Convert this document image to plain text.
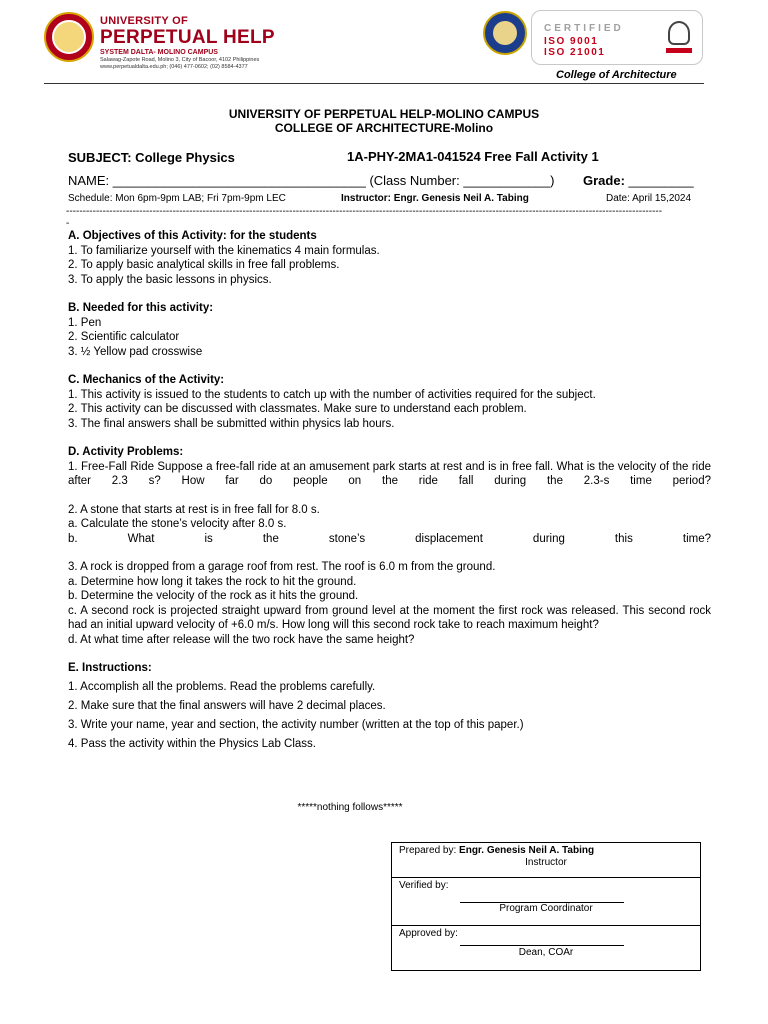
UNIVERSITY OF
PERPETUAL HELP
SYSTEM DALTA- MOLINO CAMPUS
Salawag-Zapote Road, Molino 3, City of Bacoor, 4102 Philippines
www.perpetualdalta.edu.ph; (046) 477-0602; (02) 8584-4377
CERTIFIED
ISO 9001
ISO 21001
College of Architecture
UNIVERSITY OF PERPETUAL HELP-MOLINO CAMPUS
COLLEGE OF ARCHITECTURE-Molino
SUBJECT: College Physics	1A-PHY-2MA1-041524 Free Fall Activity 1
NAME: ___________________________________ (Class Number: ____________) Grade: _________
Schedule: Mon 6pm-9pm LAB; Fri 7pm-9pm LEC	Instructor: Engr. Genesis Neil A. Tabing	Date: April 15,2024
-----------------------------------------------------------------------------------------------------------------------------------------------------------------------------------
-

A. Objectives of this Activity: for the students

1. To familiarize yourself with the kinematics 4 main formulas.

2. To apply basic analytical skills in free fall problems.

3. To apply the basic lessons in physics.

B. Needed for this activity:

1. Pen

2. Scientific calculator

3. ½ Yellow pad crosswise

C. Mechanics of the Activity:

1. This activity is issued to the students to catch up with the number of activities required for the subject.

2. This activity can be discussed with classmates. Make sure to understand each problem.

3. The final answers shall be submitted within physics lab hours.

D. Activity Problems:

1. Free-Fall Ride Suppose a free-fall ride at an amusement park starts at rest and is in free fall. What is the velocity of the ride after 2.3 s? How far do people on the ride fall during the 2.3-s time period?

2. A stone that starts at rest is in free fall for 8.0 s.

a. Calculate the stone’s velocity after 8.0 s.

b. What is the stone’s displacement during this time?

3. A rock is dropped from a garage roof from rest. The roof is 6.0 m from the ground.

a. Determine how long it takes the rock to hit the ground.

b. Determine the velocity of the rock as it hits the ground.

c. A second rock is projected straight upward from ground level at the moment the first rock was released. This second rock had an initial upward velocity of +6.0 m/s. How long will this second rock take to reach maximum height?

d. At what time after release will the two rock have the same height?

E. Instructions:

1. Accomplish all the problems. Read the problems carefully.

2. Make sure that the final answers will have 2 decimal places.

3. Write your name, year and section, the activity number (written at the top of this paper.)

4. Pass the activity within the Physics Lab Class.

*****nothing follows*****
Prepared by: Engr. Genesis Neil A. Tabing
Instructor
Verified by:
Program Coordinator
Approved by:
Dean, COAr
